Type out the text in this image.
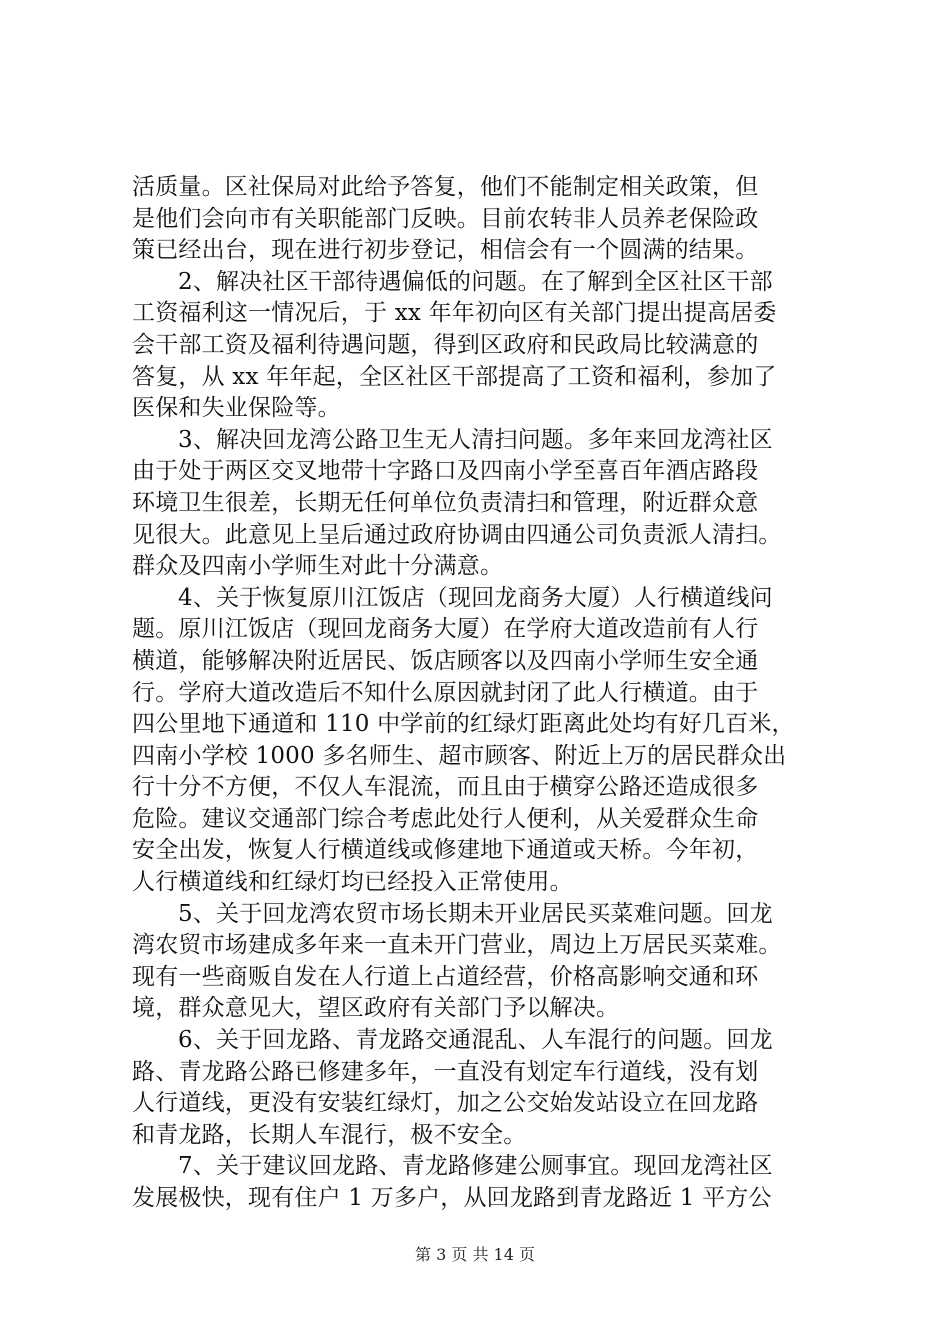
活质量。区社保局对此给予答复，他们不能制定相关政策，但
是他们会向市有关职能部门反映。目前农转非人员养老保险政
策已经出台，现在进行初步登记，相信会有一个圆满的结果。
2、解决社区干部待遇偏低的问题。在了解到全区社区干部
工资福利这一情况后，于 xx 年年初向区有关部门提出提高居委
会干部工资及福利待遇问题，得到区政府和民政局比较满意的
答复，从 xx 年年起，全区社区干部提高了工资和福利，参加了
医保和失业保险等。
3、解决回龙湾公路卫生无人清扫问题。多年来回龙湾社区
由于处于两区交叉地带十字路口及四南小学至喜百年酒店路段
环境卫生很差，长期无任何单位负责清扫和管理，附近群众意
见很大。此意见上呈后通过政府协调由四通公司负责派人清扫。
群众及四南小学师生对此十分满意。
4、关于恢复原川江饭店（现回龙商务大厦）人行横道线问
题。原川江饭店（现回龙商务大厦）在学府大道改造前有人行
横道，能够解决附近居民、饭店顾客以及四南小学师生安全通
行。学府大道改造后不知什么原因就封闭了此人行横道。由于
四公里地下通道和 110 中学前的红绿灯距离此处均有好几百米，
四南小学校 1000 多名师生、超市顾客、附近上万的居民群众出
行十分不方便，不仅人车混流，而且由于横穿公路还造成很多
危险。建议交通部门综合考虑此处行人便利，从关爱群众生命
安全出发，恢复人行横道线或修建地下通道或天桥。今年初，
人行横道线和红绿灯均已经投入正常使用。
5、关于回龙湾农贸市场长期未开业居民买菜难问题。回龙
湾农贸市场建成多年来一直未开门营业，周边上万居民买菜难。
现有一些商贩自发在人行道上占道经营，价格高影响交通和环
境，群众意见大，望区政府有关部门予以解决。
6、关于回龙路、青龙路交通混乱、人车混行的问题。回龙
路、青龙路公路已修建多年，一直没有划定车行道线，没有划
人行道线，更没有安装红绿灯，加之公交始发站设立在回龙路
和青龙路，长期人车混行，极不安全。
7、关于建议回龙路、青龙路修建公厕事宜。现回龙湾社区
发展极快，现有住户 1 万多户，从回龙路到青龙路近 1 平方公
第 3 页 共 14 页
